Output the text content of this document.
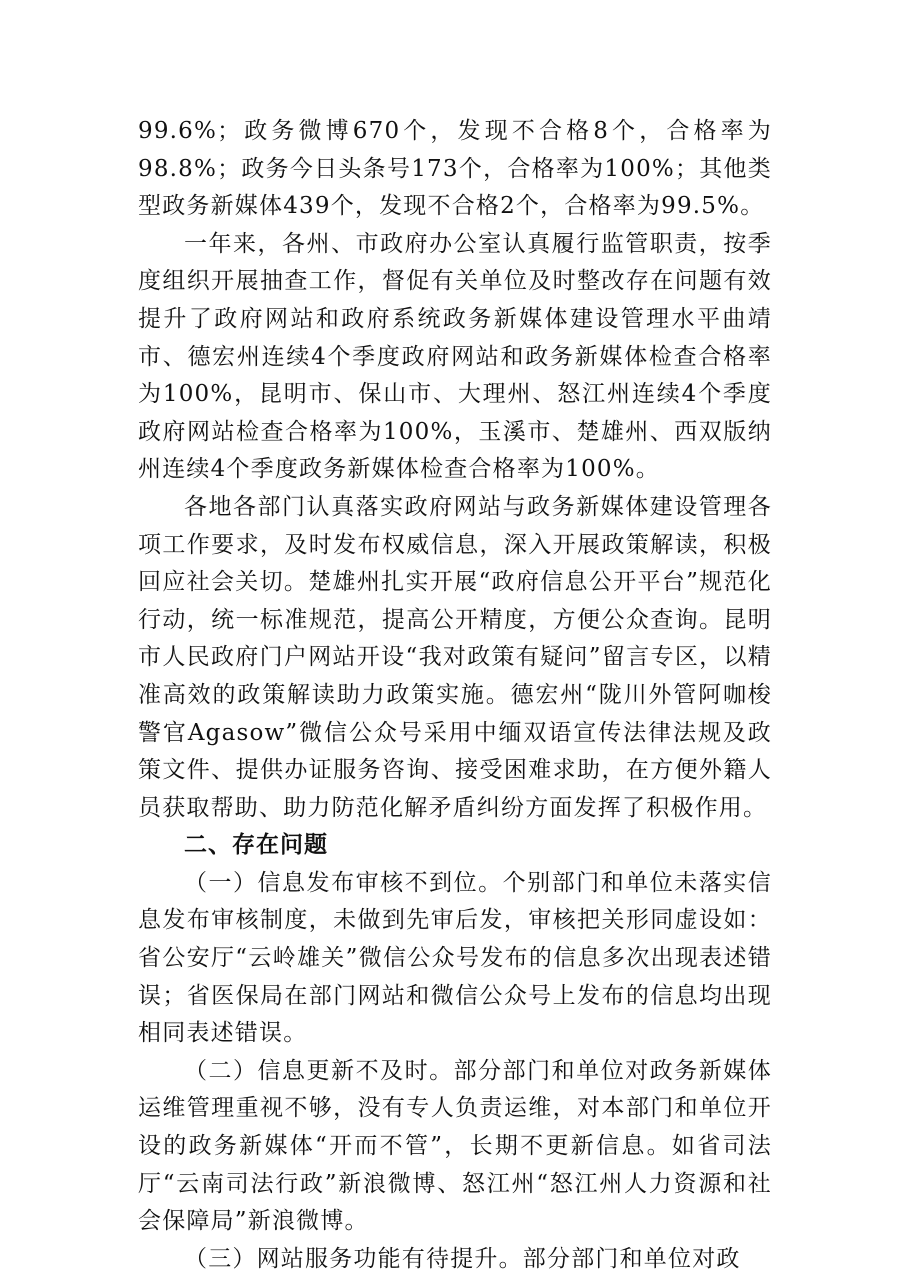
99.6%；政务微博670个，发现不合格8个，合格率为98.8%；政务今日头条号173个，合格率为100%；其他类型政务新媒体439个，发现不合格2个，合格率为99.5%。

一年来，各州、市政府办公室认真履行监管职责，按季度组织开展抽查工作，督促有关单位及时整改存在问题有效提升了政府网站和政府系统政务新媒体建设管理水平曲靖市、德宏州连续4个季度政府网站和政务新媒体检查合格率为100%，昆明市、保山市、大理州、怒江州连续4个季度政府网站检查合格率为100%，玉溪市、楚雄州、西双版纳州连续4个季度政务新媒体检查合格率为100%。

各地各部门认真落实政府网站与政务新媒体建设管理各项工作要求，及时发布权威信息，深入开展政策解读，积极回应社会关切。楚雄州扎实开展“政府信息公开平台”规范化行动，统一标准规范，提高公开精度，方便公众查询。昆明市人民政府门户网站开设“我对政策有疑问”留言专区，以精准高效的政策解读助力政策实施。德宏州“陇川外管阿咖梭警官Agasow”微信公众号采用中缅双语宣传法律法规及政策文件、提供办证服务咨询、接受困难求助，在方便外籍人员获取帮助、助力防范化解矛盾纠纷方面发挥了积极作用。

二、存在问题

（一）信息发布审核不到位。个别部门和单位未落实信息发布审核制度，未做到先审后发，审核把关形同虚设如：省公安厅“云岭雄关”微信公众号发布的信息多次出现表述错误；省医保局在部门网站和微信公众号上发布的信息均出现相同表述错误。

（二）信息更新不及时。部分部门和单位对政务新媒体运维管理重视不够，没有专人负责运维，对本部门和单位开设的政务新媒体“开而不管”，长期不更新信息。如省司法厅“云南司法行政”新浪微博、怒江州“怒江州人力资源和社会保障局”新浪微博。

（三）网站服务功能有待提升。部分部门和单位对政
